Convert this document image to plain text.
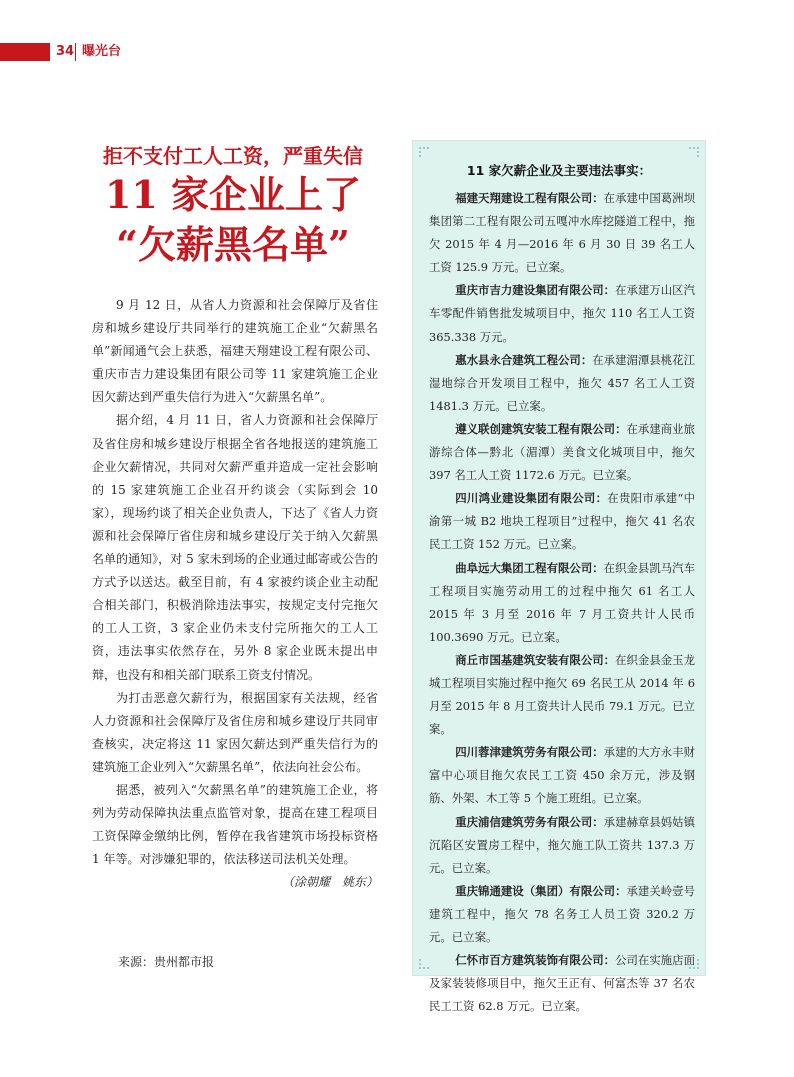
34 曝光台
拒不支付工人工资，严重失信
11 家企业上了
“欠薪黑名单”

9 月 12 日，从省人力资源和社会保障厅及省住房和城乡建设厅共同举行的建筑施工企业“欠薪黑名单”新闻通气会上获悉，福建天翔建设工程有限公司、重庆市吉力建设集团有限公司等 11 家建筑施工企业因欠薪达到严重失信行为进入“欠薪黑名单”。

据介绍，4 月 11 日，省人力资源和社会保障厅及省住房和城乡建设厅根据全省各地报送的建筑施工企业欠薪情况，共同对欠薪严重并造成一定社会影响的 15 家建筑施工企业召开约谈会（实际到会 10 家），现场约谈了相关企业负责人，下达了《省人力资源和社会保障厅省住房和城乡建设厅关于纳入欠薪黑名单的通知》，对 5 家未到场的企业通过邮寄或公告的方式予以送达。截至目前，有 4 家被约谈企业主动配合相关部门，积极消除违法事实，按规定支付完拖欠的工人工资，3 家企业仍未支付完所拖欠的工人工资，违法事实依然存在，另外 8 家企业既未提出申辩，也没有和相关部门联系工资支付情况。

为打击恶意欠薪行为，根据国家有关法规，经省人力资源和社会保障厅及省住房和城乡建设厅共同审查核实，决定将这 11 家因欠薪达到严重失信行为的建筑施工企业列入“欠薪黑名单”，依法向社会公布。

据悉，被列入“欠薪黑名单”的建筑施工企业，将列为劳动保障执法重点监管对象，提高在建工程项目工资保障金缴纳比例，暂停在我省建筑市场投标资格 1 年等。对涉嫌犯罪的，依法移送司法机关处理。

（涂朝耀　姚东）
来源：贵州都市报
11 家欠薪企业及主要违法事实：

福建天翔建设工程有限公司：在承建中国葛洲坝集团第二工程有限公司五嘎冲水库挖隧道工程中，拖欠 2015 年 4 月—2016 年 6 月 30 日 39 名工人工资 125.9 万元。已立案。

重庆市吉力建设集团有限公司：在承建万山区汽车零配件销售批发城项目中，拖欠 110 名工人工资 365.338 万元。

惠水县永合建筑工程公司：在承建湄潭县桃花江湿地综合开发项目工程中，拖欠 457 名工人工资 1481.3 万元。已立案。

遵义联创建筑安装工程有限公司：在承建商业旅游综合体—黔北（湄潭）美食文化城项目中，拖欠 397 名工人工资 1172.6 万元。已立案。

四川鸿业建设集团有限公司：在贵阳市承建“中渝第一城 B2 地块工程项目”过程中，拖欠 41 名农民工工资 152 万元。已立案。

曲阜远大集团工程有限公司：在织金县凯马汽车工程项目实施劳动用工的过程中拖欠 61 名工人 2015 年 3 月至 2016 年 7 月工资共计人民币 100.3690 万元。已立案。

商丘市国基建筑安装有限公司：在织金县金玉龙城工程项目实施过程中拖欠 69 名民工从 2014 年 6 月至 2015 年 8 月工资共计人民币 79.1 万元。已立案。

四川蓉津建筑劳务有限公司：承建的大方永丰财富中心项目拖欠农民工工资 450 余万元，涉及钢筋、外架、木工等 5 个施工班组。已立案。

重庆浦信建筑劳务有限公司：承建赫章县妈姑镇沉陷区安置房工程中，拖欠施工队工资共 137.3 万元。已立案。

重庆锦通建设（集团）有限公司：承建关岭壹号建筑工程中，拖欠 78 名务工人员工资 320.2 万元。已立案。

仁怀市百方建筑装饰有限公司：公司在实施店面及家装装修项目中，拖欠王正有、何富杰等 37 名农民工工资 62.8 万元。已立案。
